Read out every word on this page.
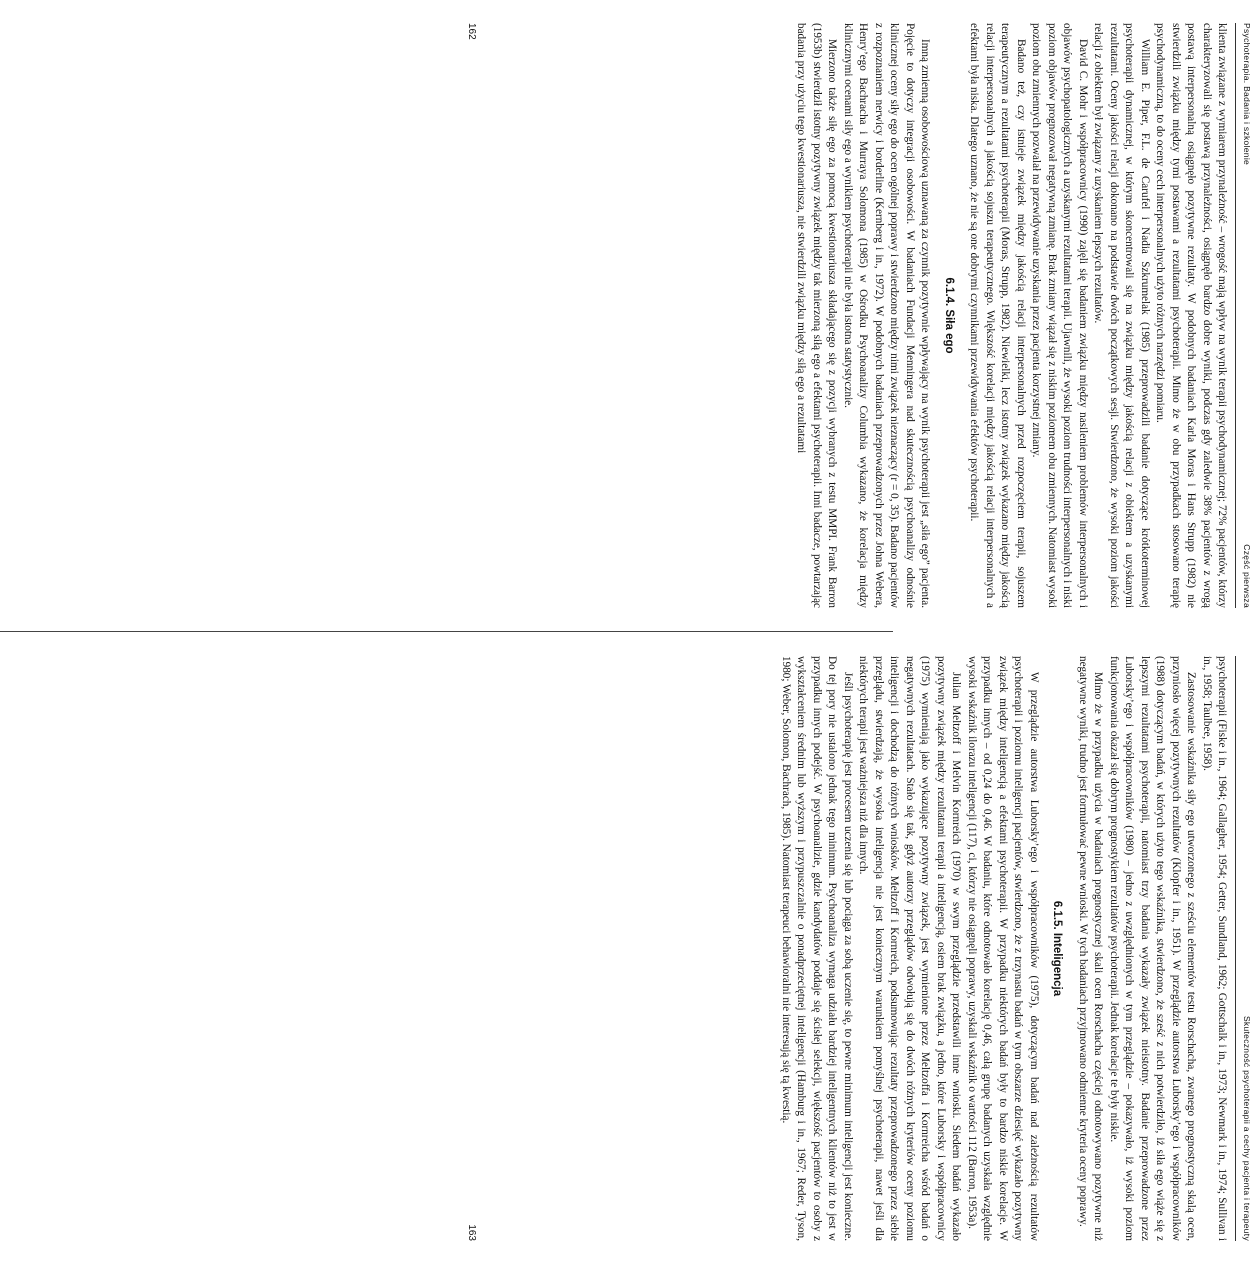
Psychoterapia. Badania i szkolenie
Część pierwsza

klienta związane z wymiarem przynależność – wrogość mają wpływ na wynik terapii psychodynamicznej; 72% pacjentów, którzy charakteryzowali się postawą przynależności, osiągnęło bardzo dobre wyniki, podczas gdy zaledwie 38% pacjentów z wrogą postawą interpersonalną osiągnęło pozytywne rezultaty. W podobnych badaniach Karla Moras i Hans Strupp (1982) nie stwierdzili związku między tymi postawami a rezultatami psychoterapii. Mimo że w obu przypadkach stosowano terapię psychodynamiczną, to do oceny cech interpersonalnych użyto różnych narzędzi pomiaru.

William E. Piper, F.L. de Carufel i Nadia Szkrumelak (1985) przeprowadzili badanie dotyczące krótkoterminowej psychoterapii dynamicznej, w którym skoncentrowali się na związku między jakością relacji z obiektem a uzyskanymi rezultatami. Oceny jakości relacji dokonano na podstawie dwóch początkowych sesji. Stwierdzono, że wysoki poziom jakości relacji z obiektem był związany z uzyskaniem lepszych rezultatów.

David C. Mohr i współpracownicy (1990) zajęli się badaniem związku między nasileniem problemów interpersonalnych i objawów psychopatologicznych a uzyskanymi rezultatami terapii. Ujawnili, że wysoki poziom trudności interpersonalnych i niski poziom objawów prognozował negatywną zmianę. Brak zmiany wiązał się z niskim poziomem obu zmiennych. Natomiast wysoki poziom obu zmiennych pozwalał na przewidywanie uzyskania przez pacjenta korzystnej zmiany.

Badano też, czy istnieje związek między jakością relacji interpersonalnych przed rozpoczęciem terapii, sojuszem terapeutycznym a rezultatami psychoterapii (Moras, Strupp, 1982). Niewielki, lecz istotny związek wykazano między jakością relacji interpersonalnych a jakością sojuszu terapeutycznego. Większość korelacji między jakością relacji interpersonalnych a efektami była niska. Dlatego uznano, że nie są one dobrymi czynnikami przewidywania efektów psychoterapii.

6.1.4. Siła ego

Imną zmienną osobowościową uznawaną za czynnik pozytywnie wpływający na wynik psychoterapii jest „siła ego” pacjenta. Pojęcie to dotyczy integracji osobowości. W badaniach Fundacji Menningera nad skutecznością psychoanalizy odnośnie klinicznej oceny siły ego do ocen ogólnej poprawy i stwierdzono między nimi związek nieznaczący (r = 0, 35). Badano pacjentów z rozpoznaniem nerwicy i borderline (Kernberg i in., 1972). W podobnych badaniach przeprowadzonych przez Johna Webera, Henry’ego Bachracha i Murraya Solomona (1985) w Ośrodku Psychoanalizy Columbia wykazano, że korelacja między klinicznymi ocenami siły ego a wynikiem psychoterapii nie była istotna statystycznie.

Mierzono także siłę ego za pomocą kwestionariusza składającego się z pozycji wybranych z testu MMPI. Frank Barron (1953b) stwierdził istotny pozytywny związek między tak mierzoną siłą ego a efektami psychoterapii. Inni badacze, powtarzając badania przy użyciu tego kwestionariusza, nie stwierdzili związku między siłą ego a rezultatami

162
Skuteczność psychoterapii a cechy pacjenta i terapeuty

psychoterapii (Fiske i in., 1964; Gallagher, 1954; Getter, Sundland, 1962; Gottschalk i in., 1973; Newmark i in., 1974; Sullivan i in., 1958; Taulbee, 1958).

Zastosowanie wskaźnika siły ego utworzonego z sześciu elementów testu Rorschacha, zwanego prognostyczną skalą ocen, przyniosło więcej pozytywnych rezultatów (Klopfer i in., 1951). W przeglądzie autorstwa Luborsky’ego i współpracowników (1988) dotyczącym badań, w których użyto tego wskaźnika, stwierdzono, że sześć z nich potwierdziło, iż siła ego wiąże się z lepszymi rezultatami psychoterapii, natomiast trzy badania wykazały związek nieistotny. Badanie przeprowadzone przez Luborsky’ego i współpracowników (1980) – jedno z uwzględnionych w tym przeglądzie – pokazywało, iż wysoki poziom funkcjonowania okazał się dobrym prognostykiem rezultatów psychoterapii. Jednak korelacje te były niskie.

Mimo że w przypadku użycia w badaniach prognostycznej skali ocen Rorschacha częściej odnotowywano pozytywne niż negatywne wyniki, trudno jest formułować pewne wnioski. W tych badaniach przyjmowano odmienne kryteria oceny poprawy.

6.1.5. Inteligencja

W przeglądzie autorstwa Luborsky’ego i współpracowników (1975), dotyczącym badań nad zależnością rezultatów psychoterapii i poziomu inteligencji pacjentów, stwierdzono, że z trzynastu badań w tym obszarze dziesięć wykazało pozytywny związek między inteligencją a efektami psychoterapii. W przypadku niektórych badań były to bardzo niskie korelacje. W przypadku innych – od 0,24 do 0,46. W badaniu, które odnotowało korelację 0,46, całą grupę badanych uzyskała względnie wysoki wskaźnik ilorazu inteligencji (117), ci, którzy nie osiągnęli poprawy, uzyskali wskaźnik o wartości 112 (Barron, 1953a).

Julian Meltzoff i Melvin Kornreich (1970) w swym przeglądzie przedstawili inne wnioski. Siedem badań wykazało pozytywny związek między rezultatami terapii a inteligencją, osiem brak związku, a jedno, które Luborsky i współpracownicy (1975) wymieniają jako wykazujące pozytywny związek, jest wymienione przez Meltzoffa i Kornreicha wśród badań o negatywnych rezultatach. Stało się tak, gdyż autorzy przeglądów odwołują się do dwóch różnych kryteriów oceny poziomu inteligencji i dochodzą do różnych wniosków. Meltzoff i Kornreich, podsumowując rezultaty przeprowadzonego przez siebie przeglądu, stwierdzają, że wysoka inteligencja nie jest koniecznym warunkiem pomyślnej psychoterapii, nawet jeśli dla niektórych terapii jest ważniejsza niż dla innych.

Jeśli psychoterapię jest procesem uczenia się lub pociąga za sobą uczenie się, to pewne minimum inteligencji jest konieczne. Do tej pory nie ustalono jednak tego minimum. Psychoanaliza wymaga udziału bardziej inteligentnych klientów niż to jest w przypadku innych podejść. W psychoanalizie, gdzie kandydatów poddaje się ścisłej selekcji, większość pacjentów to osoby z wykształceniem średnim lub wyższym i przypuszczalnie o ponadprzeciętnej inteligencji (Hamburg i in., 1967; Reder, Tyson, 1980; Weber, Solomon, Bachrach, 1985). Natomiast terapeuci behawioralni nie interesują się tą kwestią.

163
